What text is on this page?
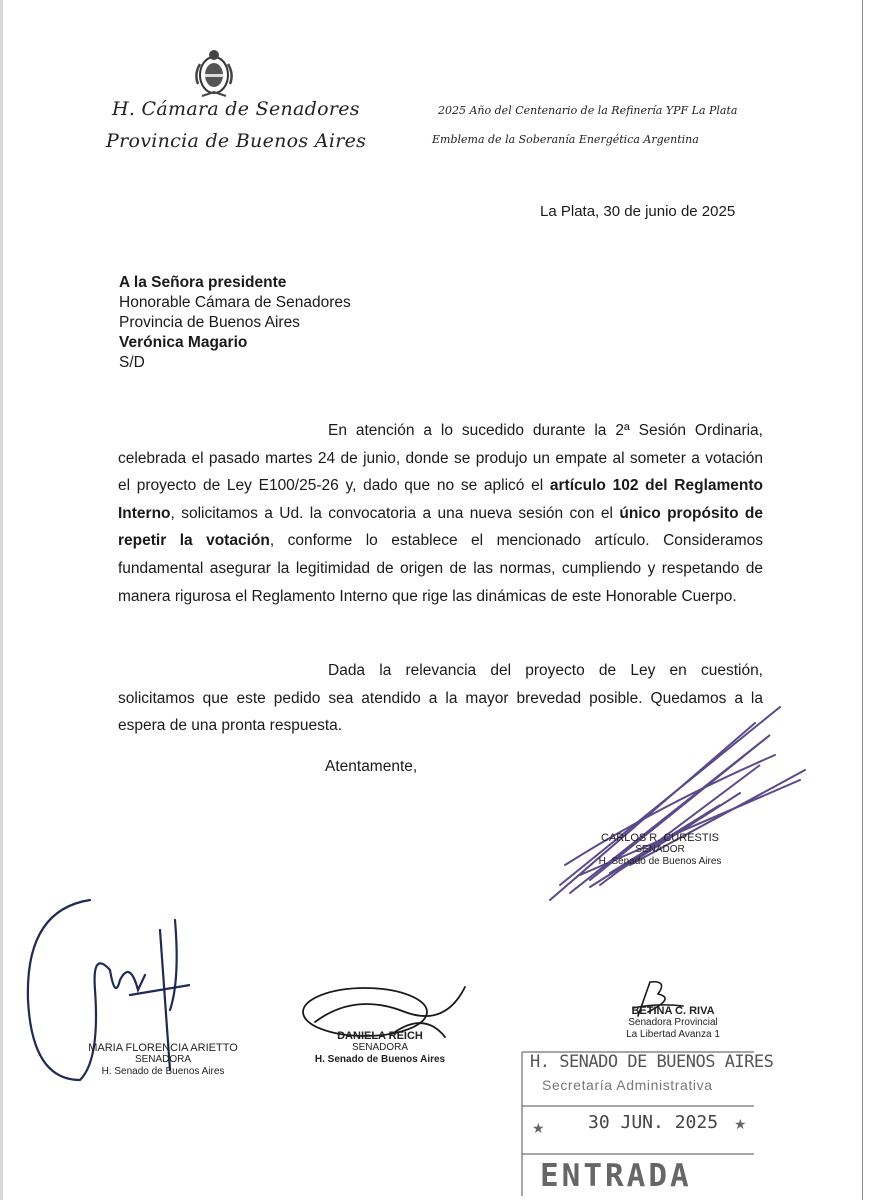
H. Cámara de Senadores
Provincia de Buenos Aires
2025 Año del Centenario de la Refinería YPF La Plata
Emblema de la Soberanía Energética Argentina
La Plata, 30 de junio de 2025
A la Señora presidente
Honorable Cámara de Senadores
Provincia de Buenos Aires
Verónica Magario
S/D
En atención a lo sucedido durante la 2ª Sesión Ordinaria, celebrada el pasado martes 24 de junio, donde se produjo un empate al someter a votación el proyecto de Ley E100/25-26 y, dado que no se aplicó el artículo 102 del Reglamento Interno, solicitamos a Ud. la convocatoria a una nueva sesión con el único propósito de repetir la votación, conforme lo establece el mencionado artículo. Consideramos fundamental asegurar la legitimidad de origen de las normas, cumpliendo y respetando de manera rigurosa el Reglamento Interno que rige las dinámicas de este Honorable Cuerpo.
Dada la relevancia del proyecto de Ley en cuestión, solicitamos que este pedido sea atendido a la mayor brevedad posible. Quedamos a la espera de una pronta respuesta.
Atentamente,
CARLOS R. CURESTIS
SENADOR
H. Senado de Buenos Aires
MARIA FLORENCIA ARIETTO
SENADORA
H. Senado de Buenos Aires
DANIELA REICH
SENADORA
H. Senado de Buenos Aires
BETINA C. RIVA
Senadora Provincial
La Libertad Avanza 1
H. SENADO DE BUENOS AIRES
Secretaría Administrativa
★ 30 JUN. 2025 ★
ENTRADA
